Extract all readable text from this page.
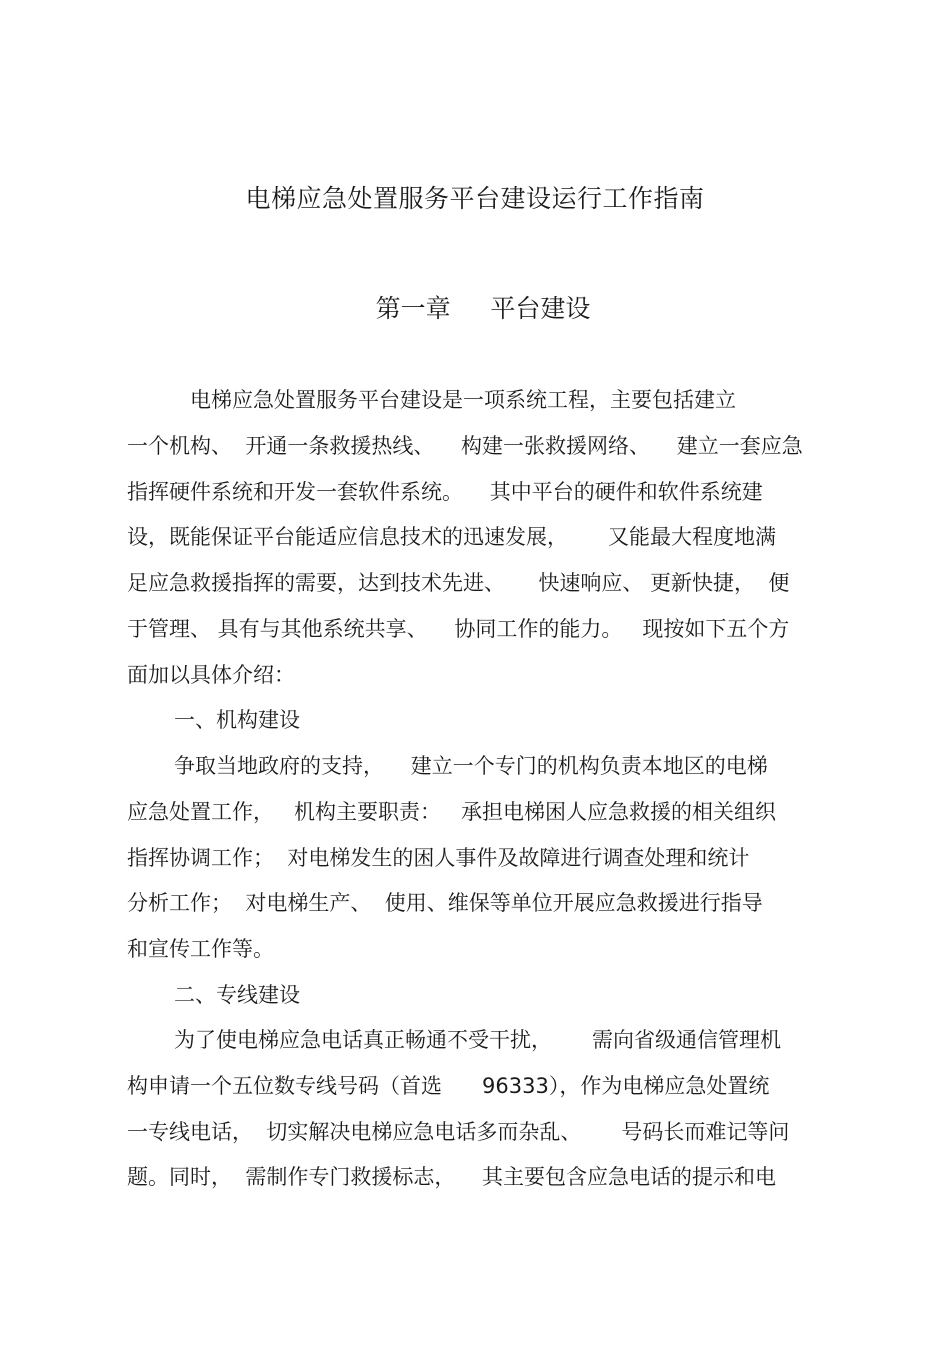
电梯应急处置服务平台建设运行工作指南
第一章     平台建设
电梯应急处置服务平台建设是一项系统工程，主要包括建立
一个机构、  开通一条救援热线、    构建一张救援网络、    建立一套应急
指挥硬件系统和开发一套软件系统。    其中平台的硬件和软件系统建
设，既能保证平台能适应信息技术的迅速发展，      又能最大程度地满
足应急救援指挥的需要，达到技术先进、     快速响应、 更新快捷，  便
于管理、 具有与其他系统共享、    协同工作的能力。   现按如下五个方
面加以具体介绍：
一、机构建设
争取当地政府的支持，    建立一个专门的机构负责本地区的电梯
应急处置工作，   机构主要职责：   承担电梯困人应急救援的相关组织
指挥协调工作；  对电梯发生的困人事件及故障进行调查处理和统计
分析工作；  对电梯生产、  使用、维保等单位开展应急救援进行指导
和宣传工作等。
二、专线建设
为了使电梯应急电话真正畅通不受干扰，      需向省级通信管理机
构申请一个五位数专线号码（首选      96333），作为电梯应急处置统
一专线电话，  切实解决电梯应急电话多而杂乱、      号码长而难记等问
题。同时，  需制作专门救援标志，    其主要包含应急电话的提示和电
